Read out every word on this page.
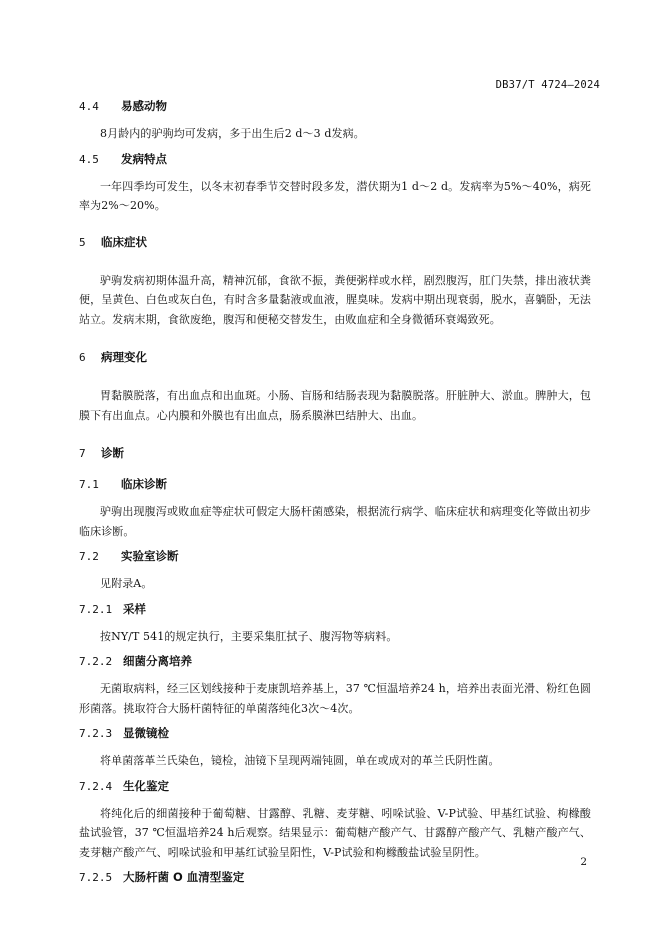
DB37/T 4724—2024
4.4 易感动物
8月龄内的驴驹均可发病，多于出生后2 d～3 d发病。
4.5 发病特点
一年四季均可发生，以冬末初春季节交替时段多发，潜伏期为1 d～2 d。发病率为5%～40%，病死率为2%～20%。
5 临床症状
驴驹发病初期体温升高，精神沉郁，食欲不振，粪便粥样或水样，剧烈腹泻，肛门失禁，排出液状粪便，呈黄色、白色或灰白色，有时含多量黏液或血液，腥臭味。发病中期出现衰弱，脱水，喜躺卧，无法站立。发病末期，食欲废绝，腹泻和便秘交替发生，由败血症和全身微循环衰竭致死。
6 病理变化
胃黏膜脱落，有出血点和出血斑。小肠、盲肠和结肠表现为黏膜脱落。肝脏肿大、淤血。脾肿大，包膜下有出血点。心内膜和外膜也有出血点，肠系膜淋巴结肿大、出血。
7 诊断
7.1 临床诊断
驴驹出现腹泻或败血症等症状可假定大肠杆菌感染，根据流行病学、临床症状和病理变化等做出初步临床诊断。
7.2 实验室诊断
见附录A。
7.2.1 采样
按NY/T 541的规定执行，主要采集肛拭子、腹泻物等病料。
7.2.2 细菌分离培养
无菌取病料，经三区划线接种于麦康凯培养基上，37 ℃恒温培养24 h，培养出表面光滑、粉红色圆形菌落。挑取符合大肠杆菌特征的单菌落纯化3次～4次。
7.2.3 显微镜检
将单菌落革兰氏染色，镜检，油镜下呈现两端钝圆，单在或成对的革兰氏阴性菌。
7.2.4 生化鉴定
将纯化后的细菌接种于葡萄糖、甘露醇、乳糖、麦芽糖、吲哚试验、V-P试验、甲基红试验、枸橼酸盐试验管，37 ℃恒温培养24 h后观察。结果显示：葡萄糖产酸产气、甘露醇产酸产气、乳糖产酸产气、麦芽糖产酸产气、吲哚试验和甲基红试验呈阳性，V-P试验和枸橼酸盐试验呈阴性。
7.2.5 大肠杆菌 O 血清型鉴定
2
